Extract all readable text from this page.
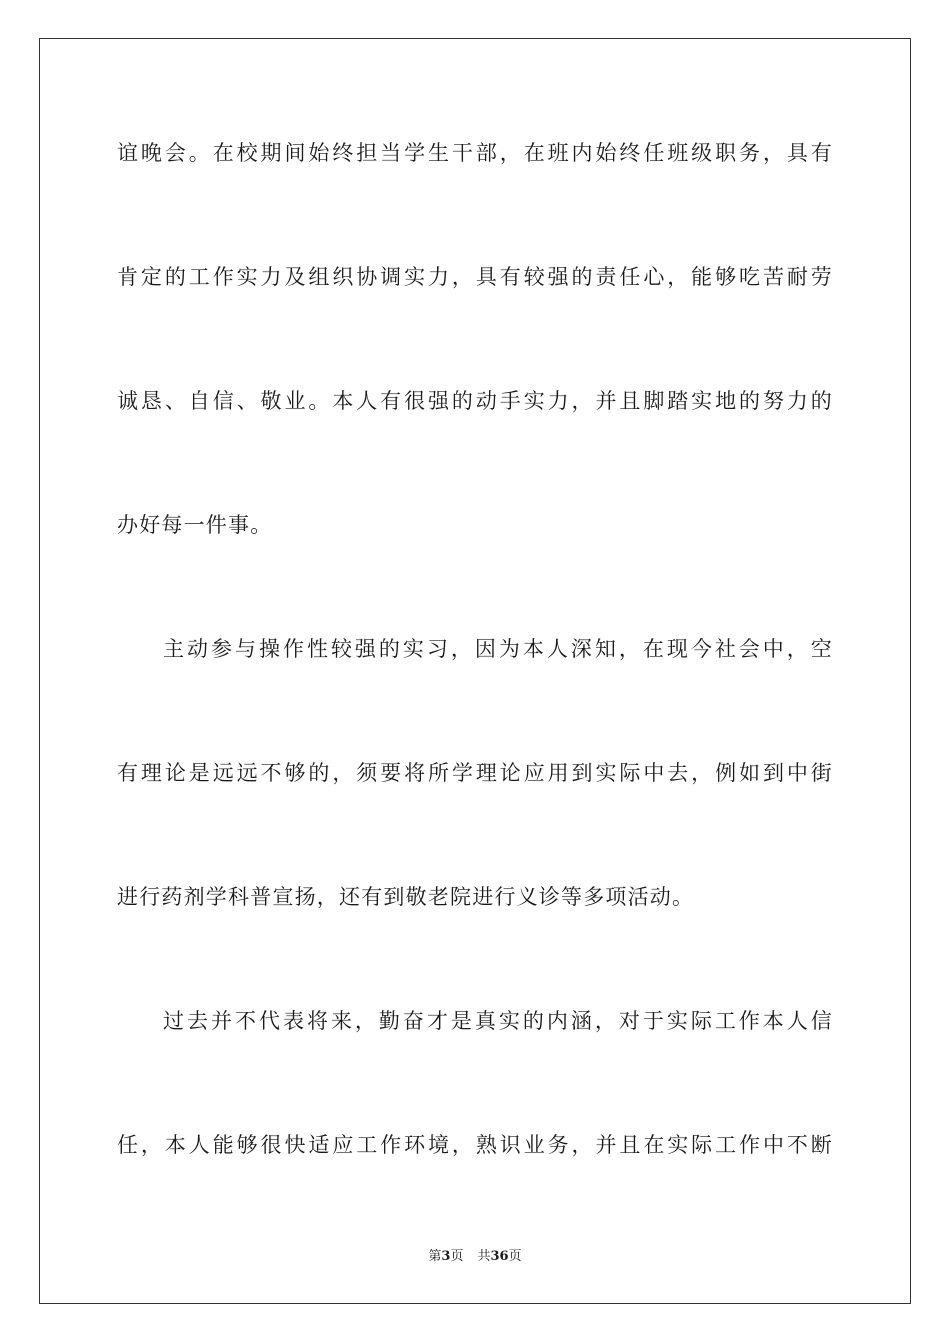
谊晚会。在校期间始终担当学生干部，在班内始终任班级职务，具有
肯定的工作实力及组织协调实力，具有较强的责任心，能够吃苦耐劳
诚恳、自信、敬业。本人有很强的动手实力，并且脚踏实地的努力的
办好每一件事。
主动参与操作性较强的实习，因为本人深知，在现今社会中，空
有理论是远远不够的，须要将所学理论应用到实际中去，例如到中街
进行药剂学科普宣扬，还有到敬老院进行义诊等多项活动。
过去并不代表将来，勤奋才是真实的内涵，对于实际工作本人信
任，本人能够很快适应工作环境，熟识业务，并且在实际工作中不断
第3页 共36页
